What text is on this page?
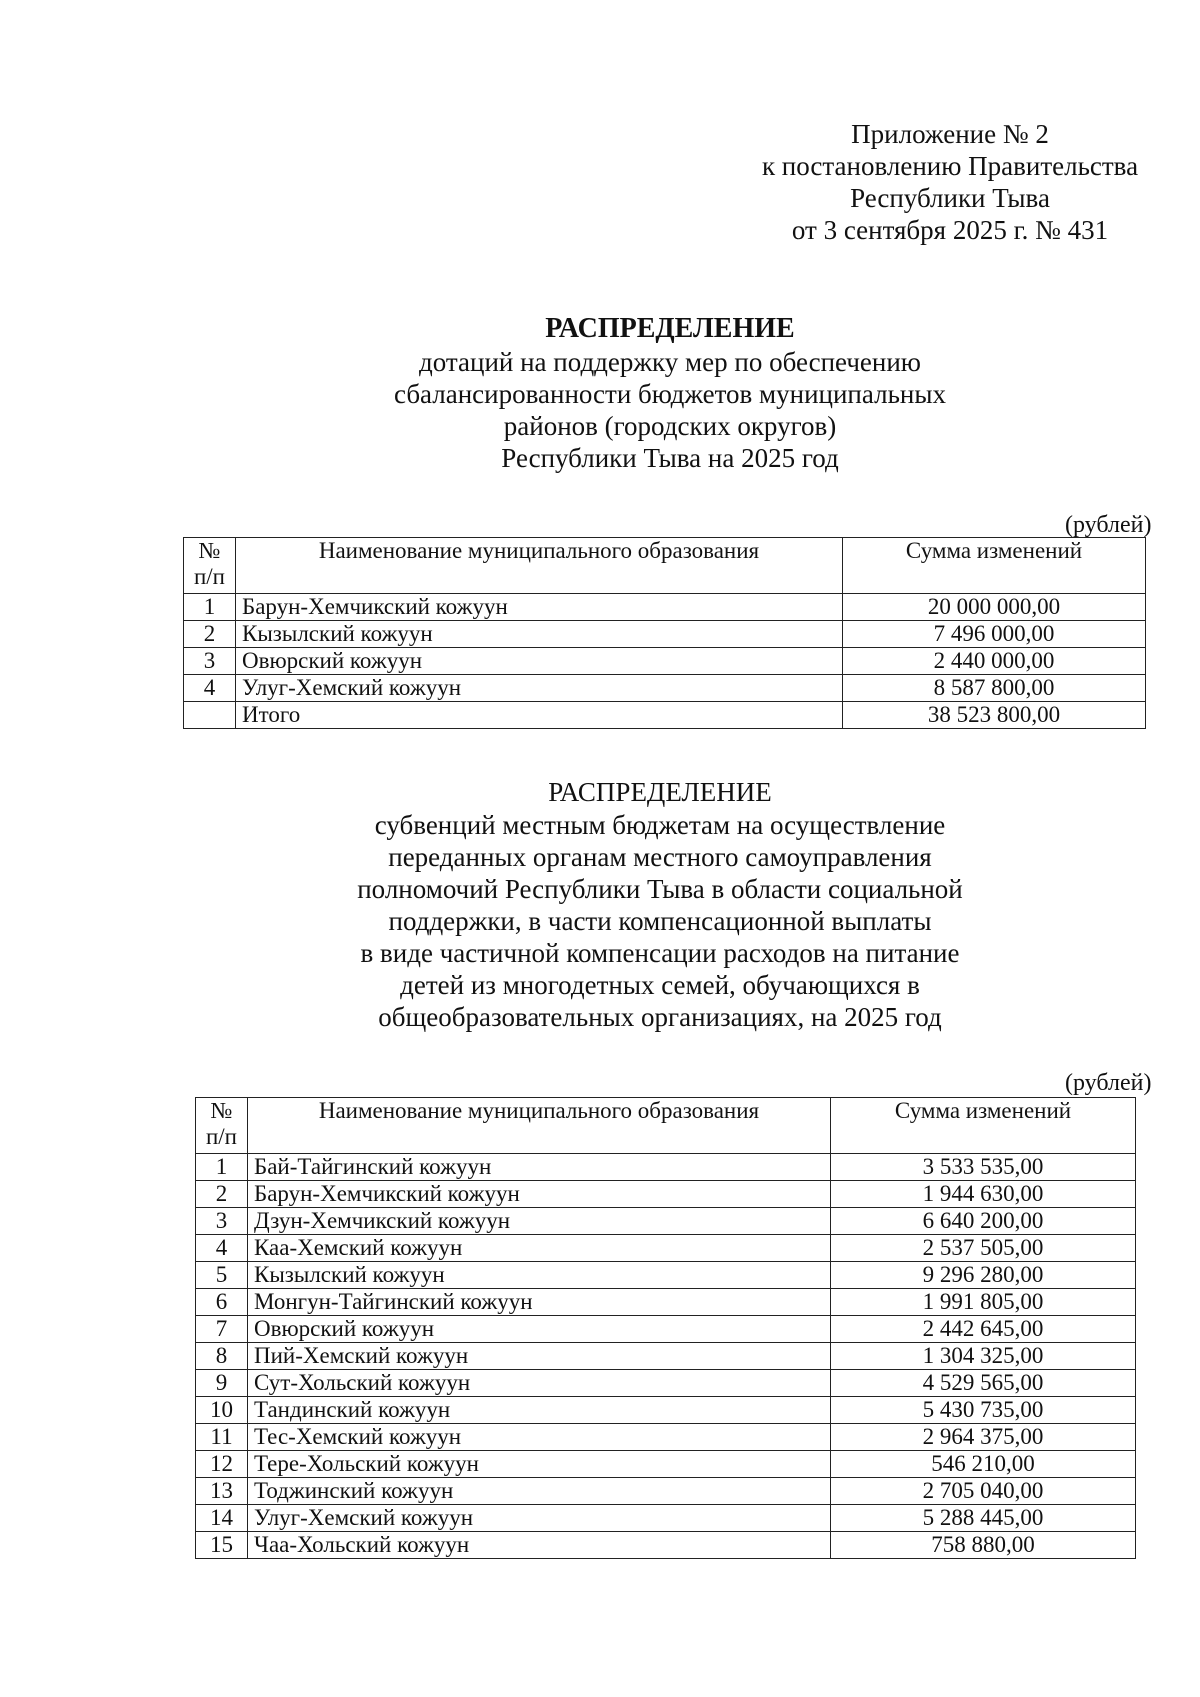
Приложение № 2
к постановлению Правительства
Республики Тыва
от 3 сентября 2025 г. № 431
РАСПРЕДЕЛЕНИЕ
дотаций на поддержку мер по обеспечению
сбалансированности бюджетов муниципальных
районов (городских округов)
Республики Тыва на 2025 год
(рублей)
№
п/п	Наименование муниципального образования	Сумма изменений
1	Барун-Хемчикский кожуун	20 000 000,00
2	Кызылский кожуун	7 496 000,00
3	Овюрский кожуун	2 440 000,00
4	Улуг-Хемский кожуун	8 587 800,00
	Итого	38 523 800,00
РАСПРЕДЕЛЕНИЕ
субвенций местным бюджетам на осуществление
переданных органам местного самоуправления
полномочий Республики Тыва в области социальной
поддержки, в части компенсационной выплаты
в виде частичной компенсации расходов на питание
детей из многодетных семей, обучающихся в
общеобразовательных организациях, на 2025 год
(рублей)
№
п/п	Наименование муниципального образования	Сумма изменений
1	Бай-Тайгинский кожуун	3 533 535,00
2	Барун-Хемчикский кожуун	1 944 630,00
3	Дзун-Хемчикский кожуун	6 640 200,00
4	Каа-Хемский кожуун	2 537 505,00
5	Кызылский кожуун	9 296 280,00
6	Монгун-Тайгинский кожуун	1 991 805,00
7	Овюрский кожуун	2 442 645,00
8	Пий-Хемский кожуун	1 304 325,00
9	Сут-Хольский кожуун	4 529 565,00
10	Тандинский кожуун	5 430 735,00
11	Тес-Хемский кожуун	2 964 375,00
12	Тере-Хольский кожуун	546 210,00
13	Тоджинский кожуун	2 705 040,00
14	Улуг-Хемский кожуун	5 288 445,00
15	Чаа-Хольский кожуун	758 880,00
